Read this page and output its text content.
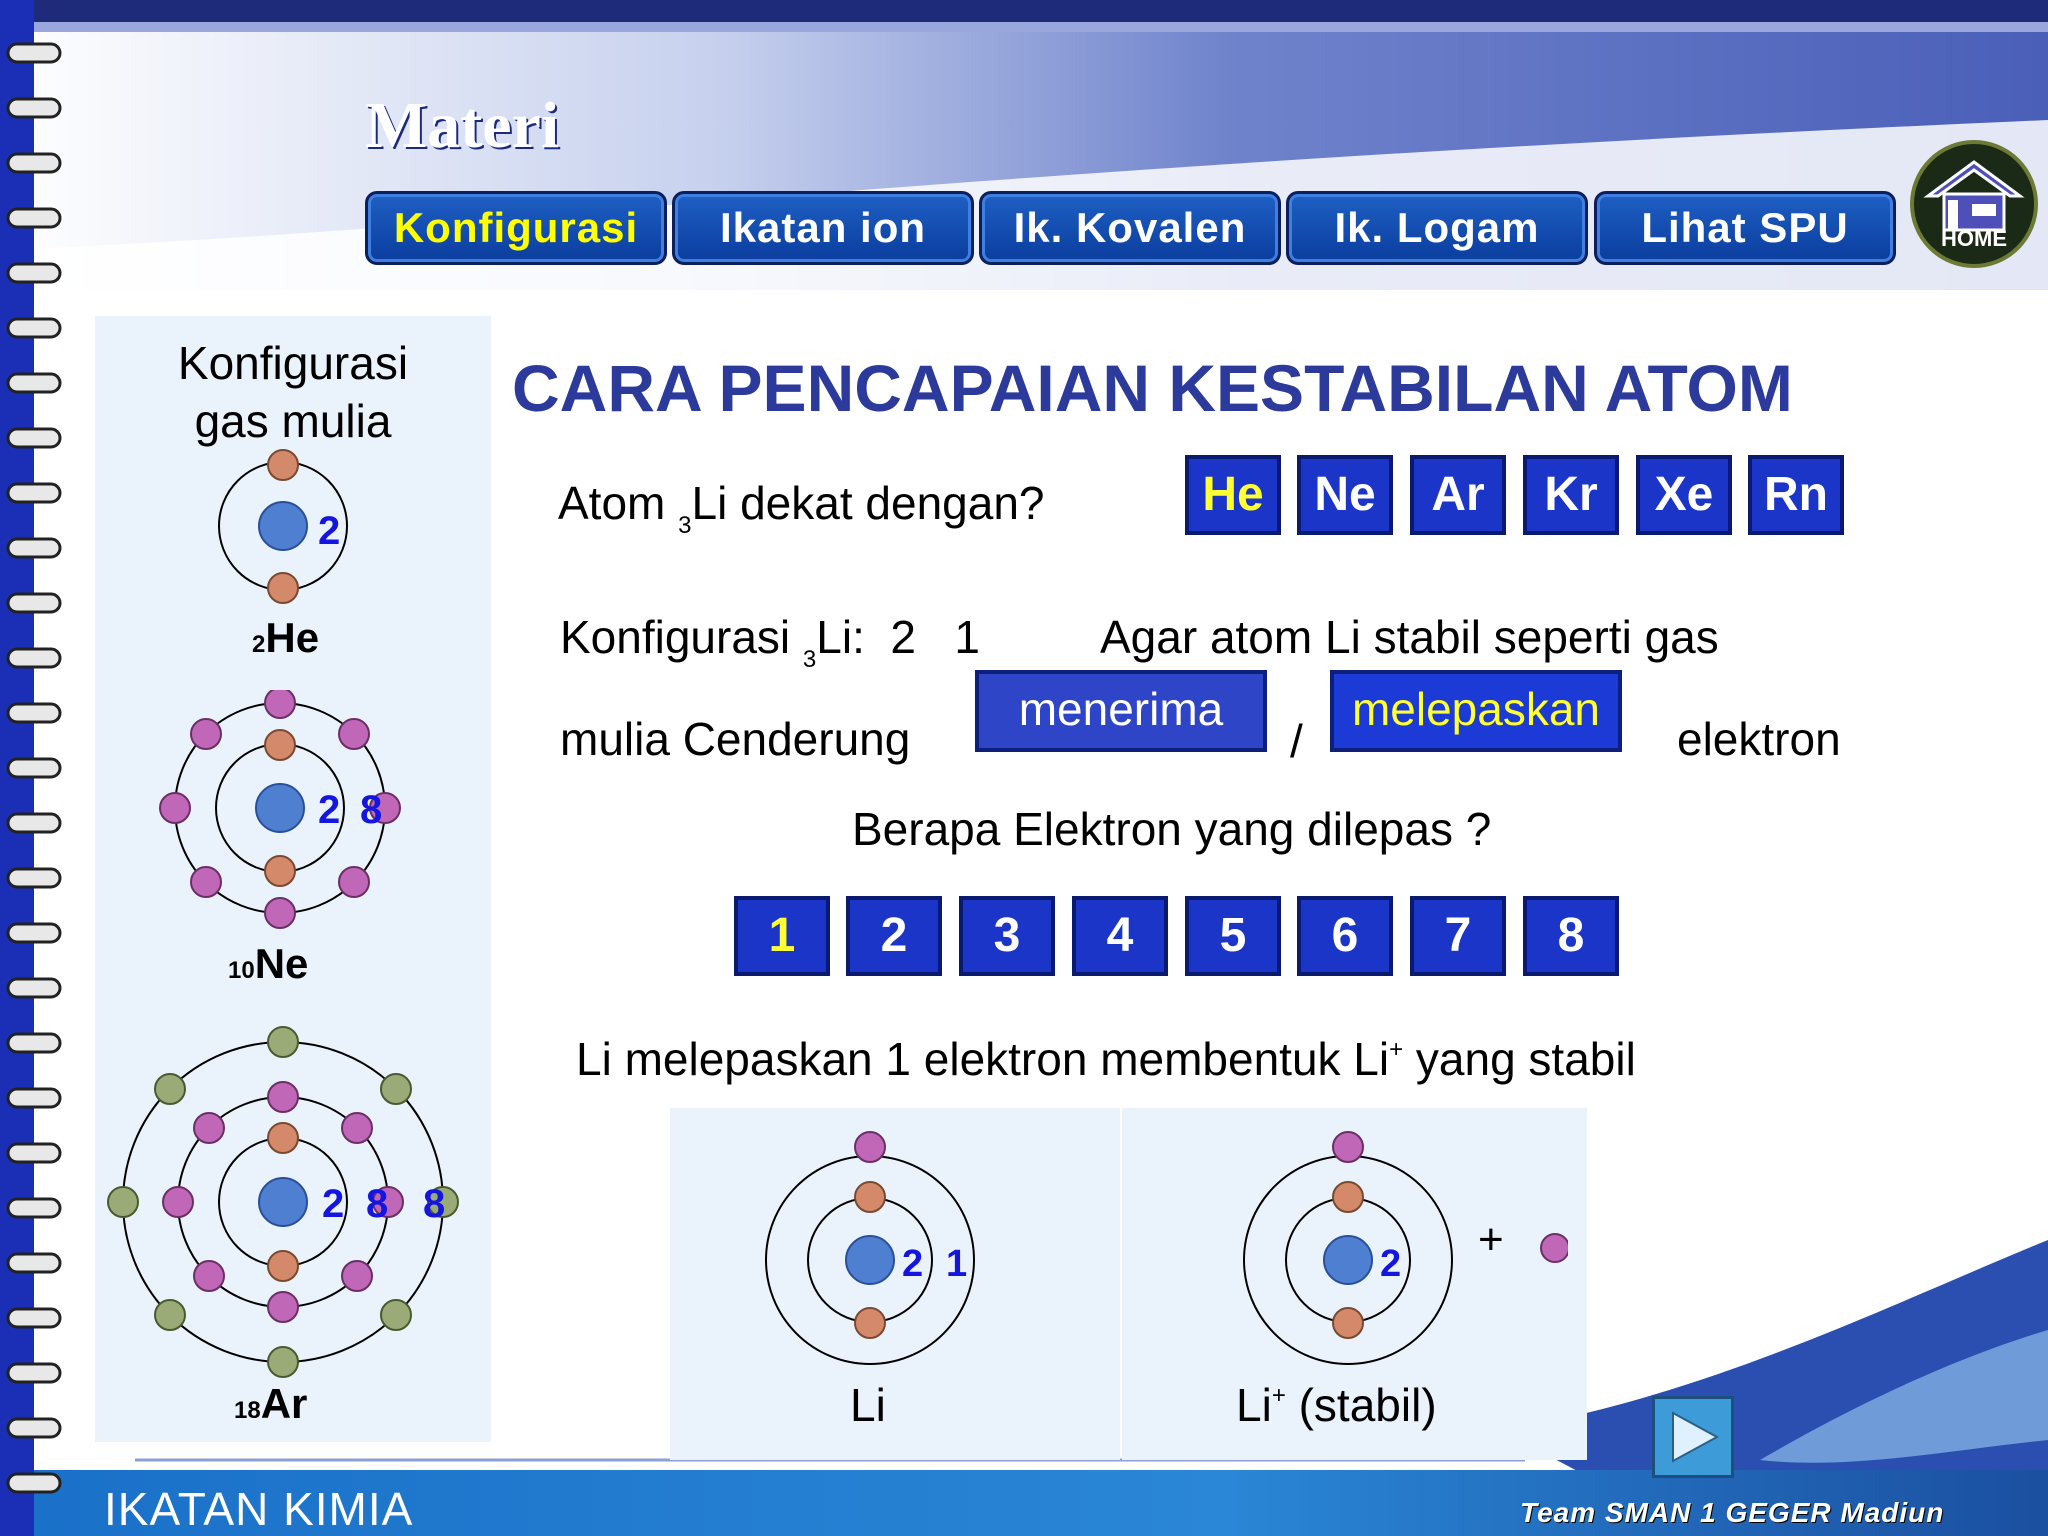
Materi
Konfigurasi	Ikatan ion	Ik. Kovalen	Ik. Logam	Lihat SPU	HOME
Konfigurasi
gas mulia
2
2He
2 8
10Ne
2 8 8
18Ar
CARA PENCAPAIAN KESTABILAN ATOM
Atom $_3$Li dekat dengan?	He	Ne	Ar	Kr	Xe	Rn
Konfigurasi $_3$Li:  2   1	Agar atom Li stabil seperti gas
mulia Cenderung
menerima
/
melepaskan
elektron
Berapa Elektron yang dilepas ?
1	2	3	4	5	6	7	8
Li melepaskan 1 elektron membentuk Li+ yang stabil
2 1
Li
2 +
Li+ (stabil)
IKATAN KIMIA	Team SMAN 1 GEGER Madiun
